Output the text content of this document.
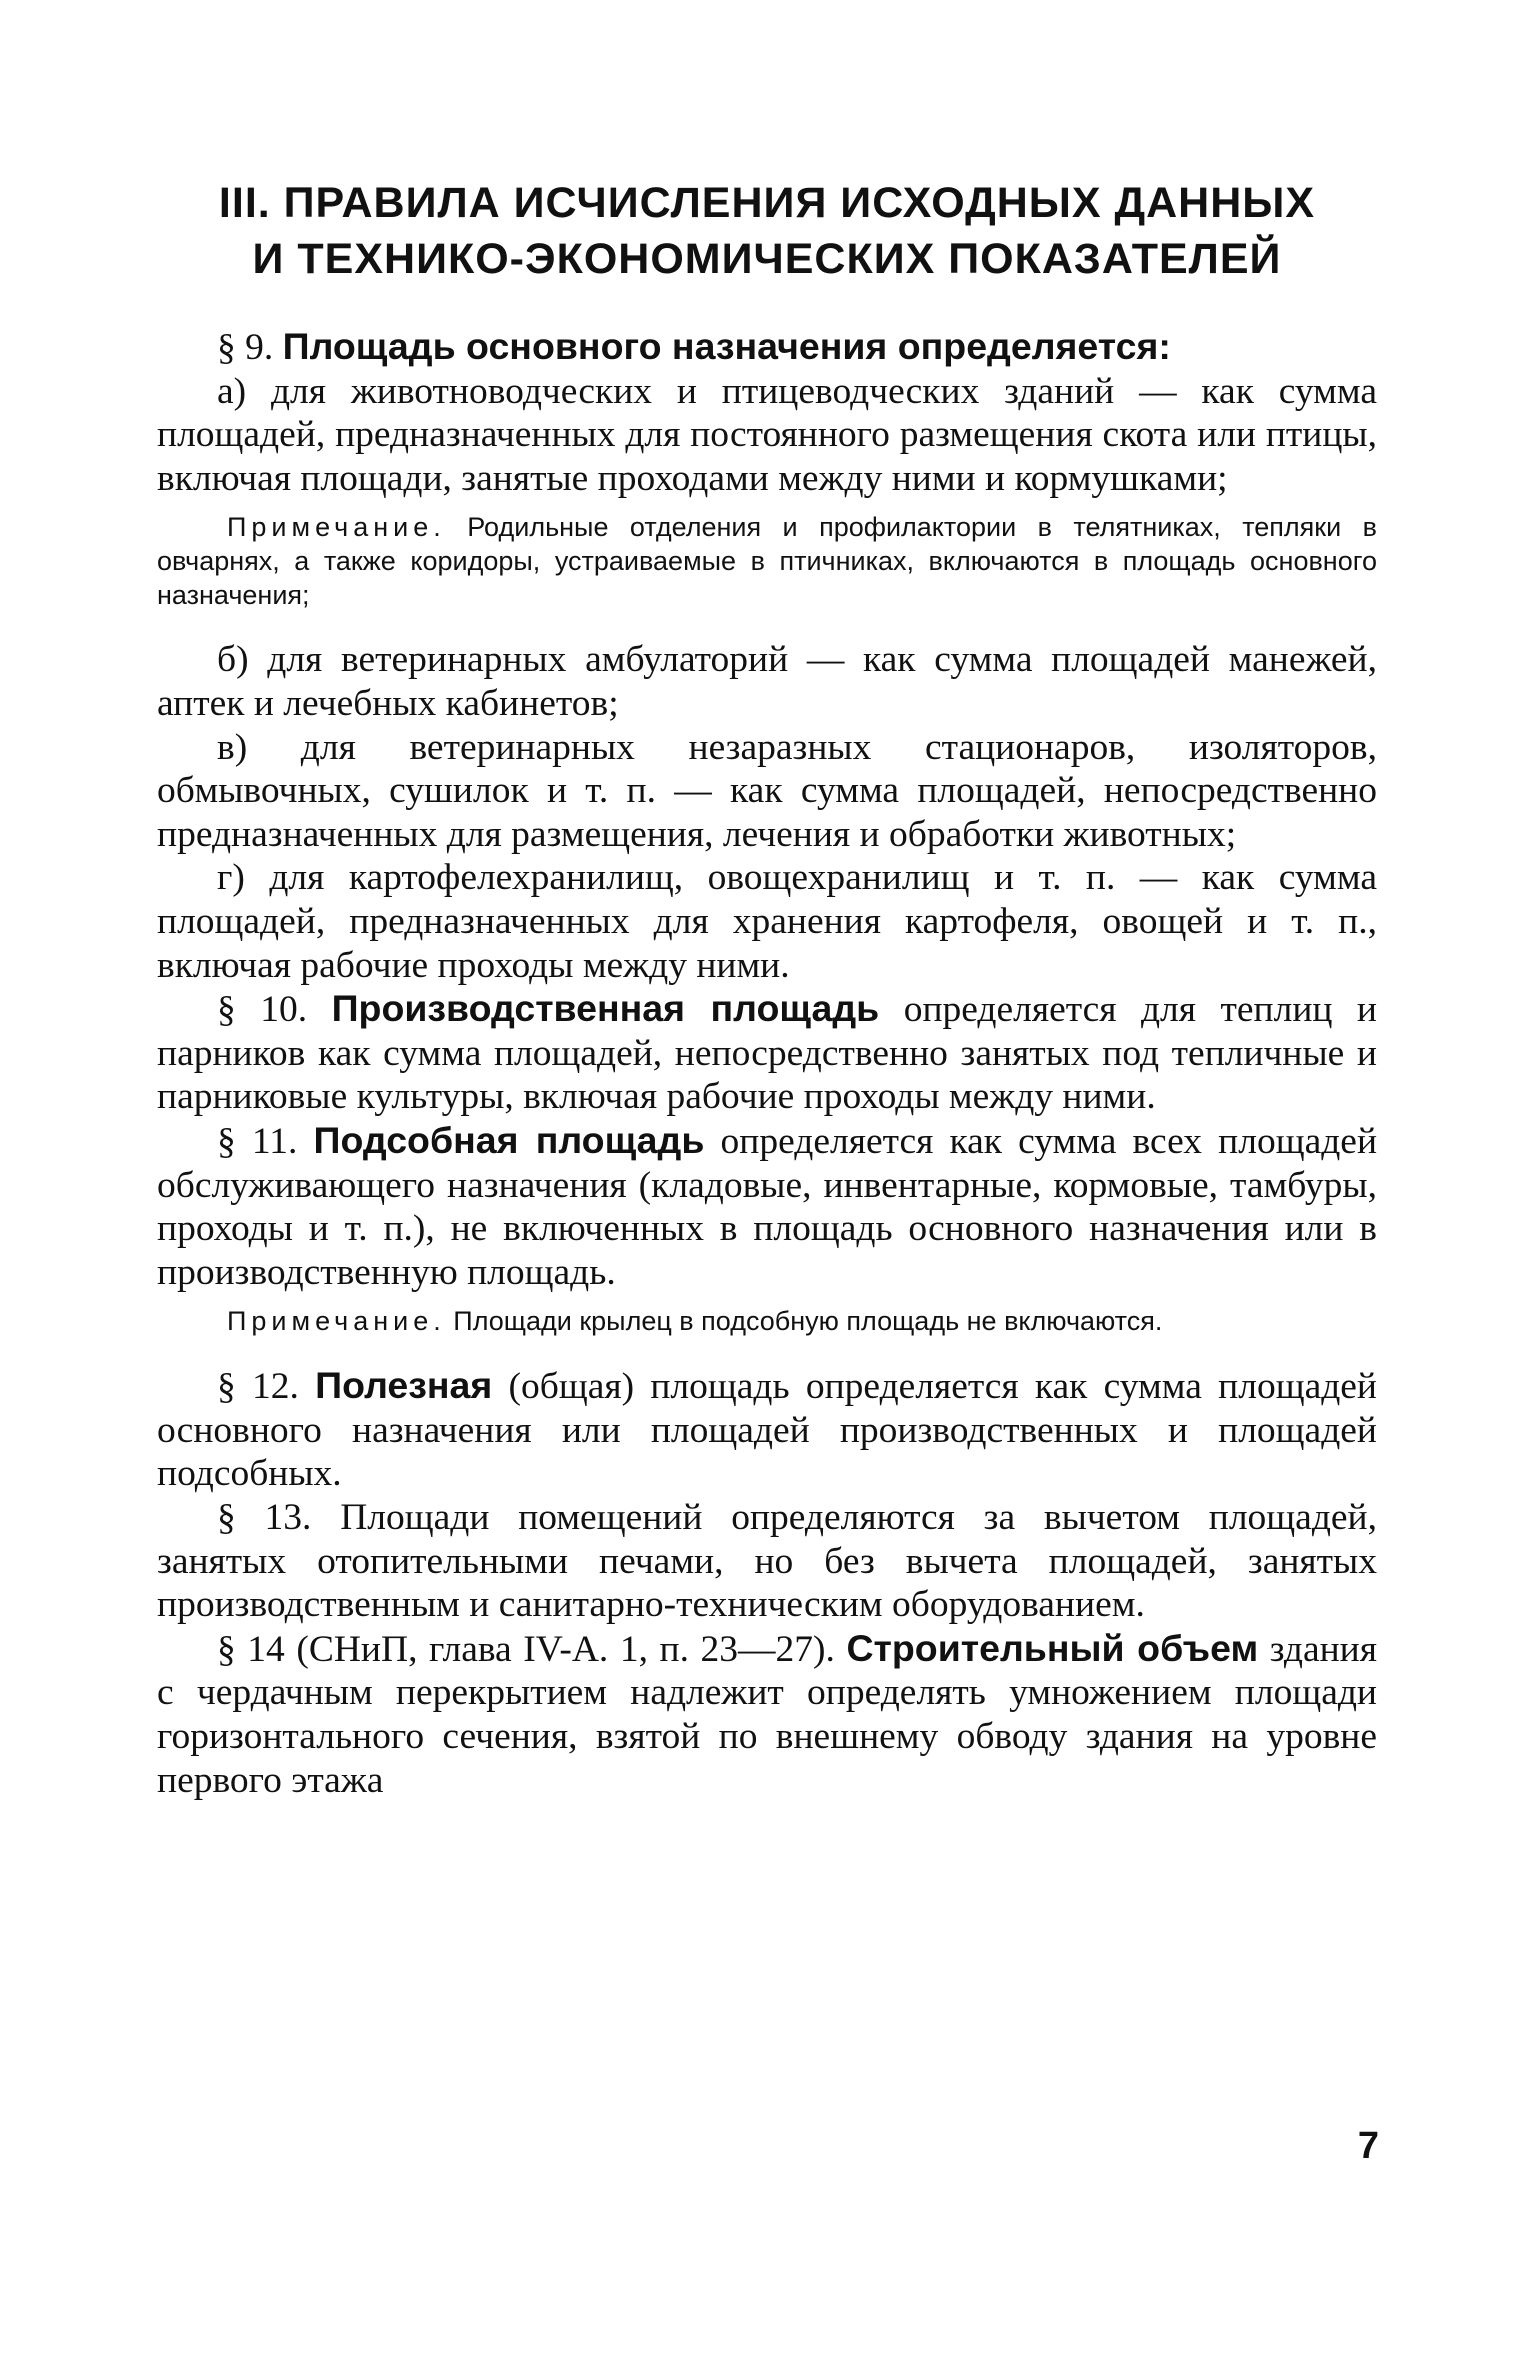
III. ПРАВИЛА ИСЧИСЛЕНИЯ ИСХОДНЫХ ДАННЫХ
И ТЕХНИКО-ЭКОНОМИЧЕСКИХ ПОКАЗАТЕЛЕЙ

§ 9. Площадь основного назначения определяется:

а) для животноводческих и птицеводческих зданий — как сумма площадей, предназначенных для постоянного размещения скота или птицы, включая площади, занятые проходами между ними и кормушками;

Примечание. Родильные отделения и профилактории в телятниках, тепляки в овчарнях, а также коридоры, устраиваемые в птичниках, включаются в площадь основного назначения;

б) для ветеринарных амбулаторий — как сумма площадей манежей, аптек и лечебных кабинетов;

в) для ветеринарных незаразных стационаров, изоляторов, обмывочных, сушилок и т. п. — как сумма площадей, непосредственно предназначенных для размещения, лечения и обработки животных;

г) для картофелехранилищ, овощехранилищ и т. п. — как сумма площадей, предназначенных для хранения картофеля, овощей и т. п., включая рабочие проходы между ними.

§ 10. Производственная площадь определяется для теплиц и парников как сумма площадей, непосредственно занятых под тепличные и парниковые культуры, включая рабочие проходы между ними.

§ 11. Подсобная площадь определяется как сумма всех площадей обслуживающего назначения (кладовые, инвентарные, кормовые, тамбуры, проходы и т. п.), не включенных в площадь основного назначения или в производственную площадь.

Примечание. Площади крылец в подсобную площадь не включаются.

§ 12. Полезная (общая) площадь определяется как сумма площадей основного назначения или площадей производственных и площадей подсобных.

§ 13. Площади помещений определяются за вычетом площадей, занятых отопительными печами, но без вычета площадей, занятых производственным и санитарно-техническим оборудованием.

§ 14 (СНиП, глава IV-А. 1, п. 23—27). Строительный объем здания с чердачным перекрытием надлежит определять умножением площади горизонтального сечения, взятой по внешнему обводу здания на уровне первого этажа

7
